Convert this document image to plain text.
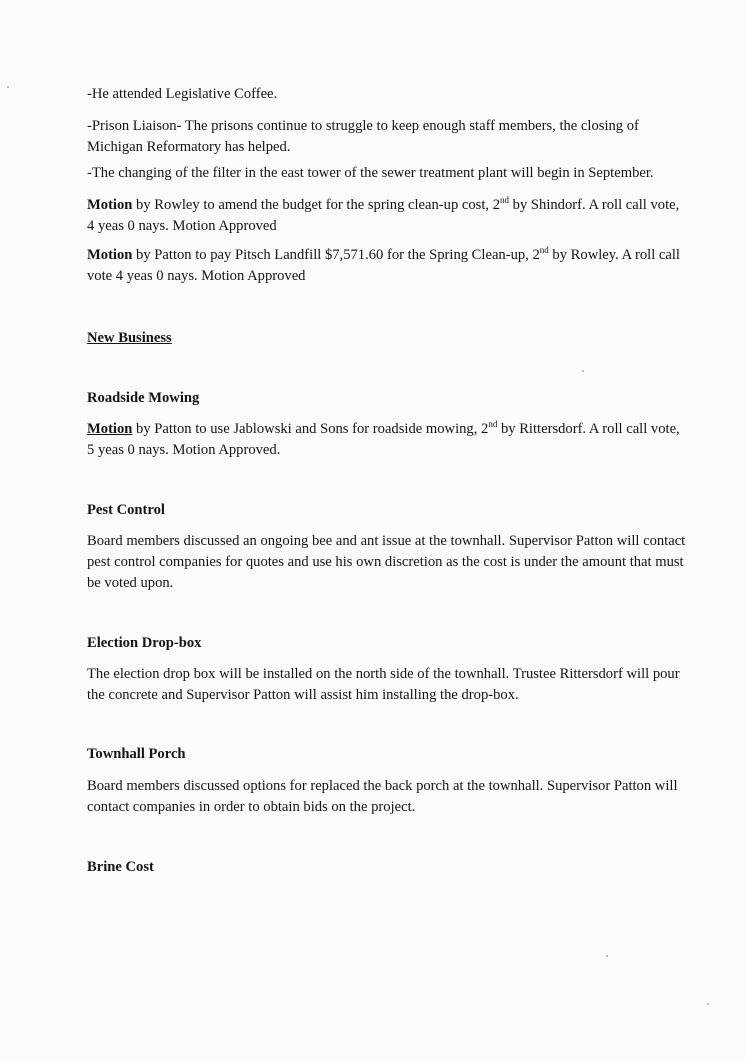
-He attended Legislative Coffee.

-Prison Liaison- The prisons continue to struggle to keep enough staff members, the closing of Michigan Reformatory has helped.

-The changing of the filter in the east tower of the sewer treatment plant will begin in September.

Motion by Rowley to amend the budget for the spring clean-up cost, 2nd by Shindorf. A roll call vote, 4 yeas 0 nays. Motion Approved

Motion by Patton to pay Pitsch Landfill $7,571.60 for the Spring Clean-up, 2nd by Rowley. A roll call vote 4 yeas 0 nays. Motion Approved

New Business

Roadside Mowing

Motion by Patton to use Jablowski and Sons for roadside mowing, 2nd by Rittersdorf. A roll call vote, 5 yeas 0 nays. Motion Approved.

Pest Control

Board members discussed an ongoing bee and ant issue at the townhall. Supervisor Patton will contact pest control companies for quotes and use his own discretion as the cost is under the amount that must be voted upon.

Election Drop-box

The election drop box will be installed on the north side of the townhall. Trustee Rittersdorf will pour the concrete and Supervisor Patton will assist him installing the drop-box.

Townhall Porch

Board members discussed options for replaced the back porch at the townhall. Supervisor Patton will contact companies in order to obtain bids on the project.

Brine Cost
